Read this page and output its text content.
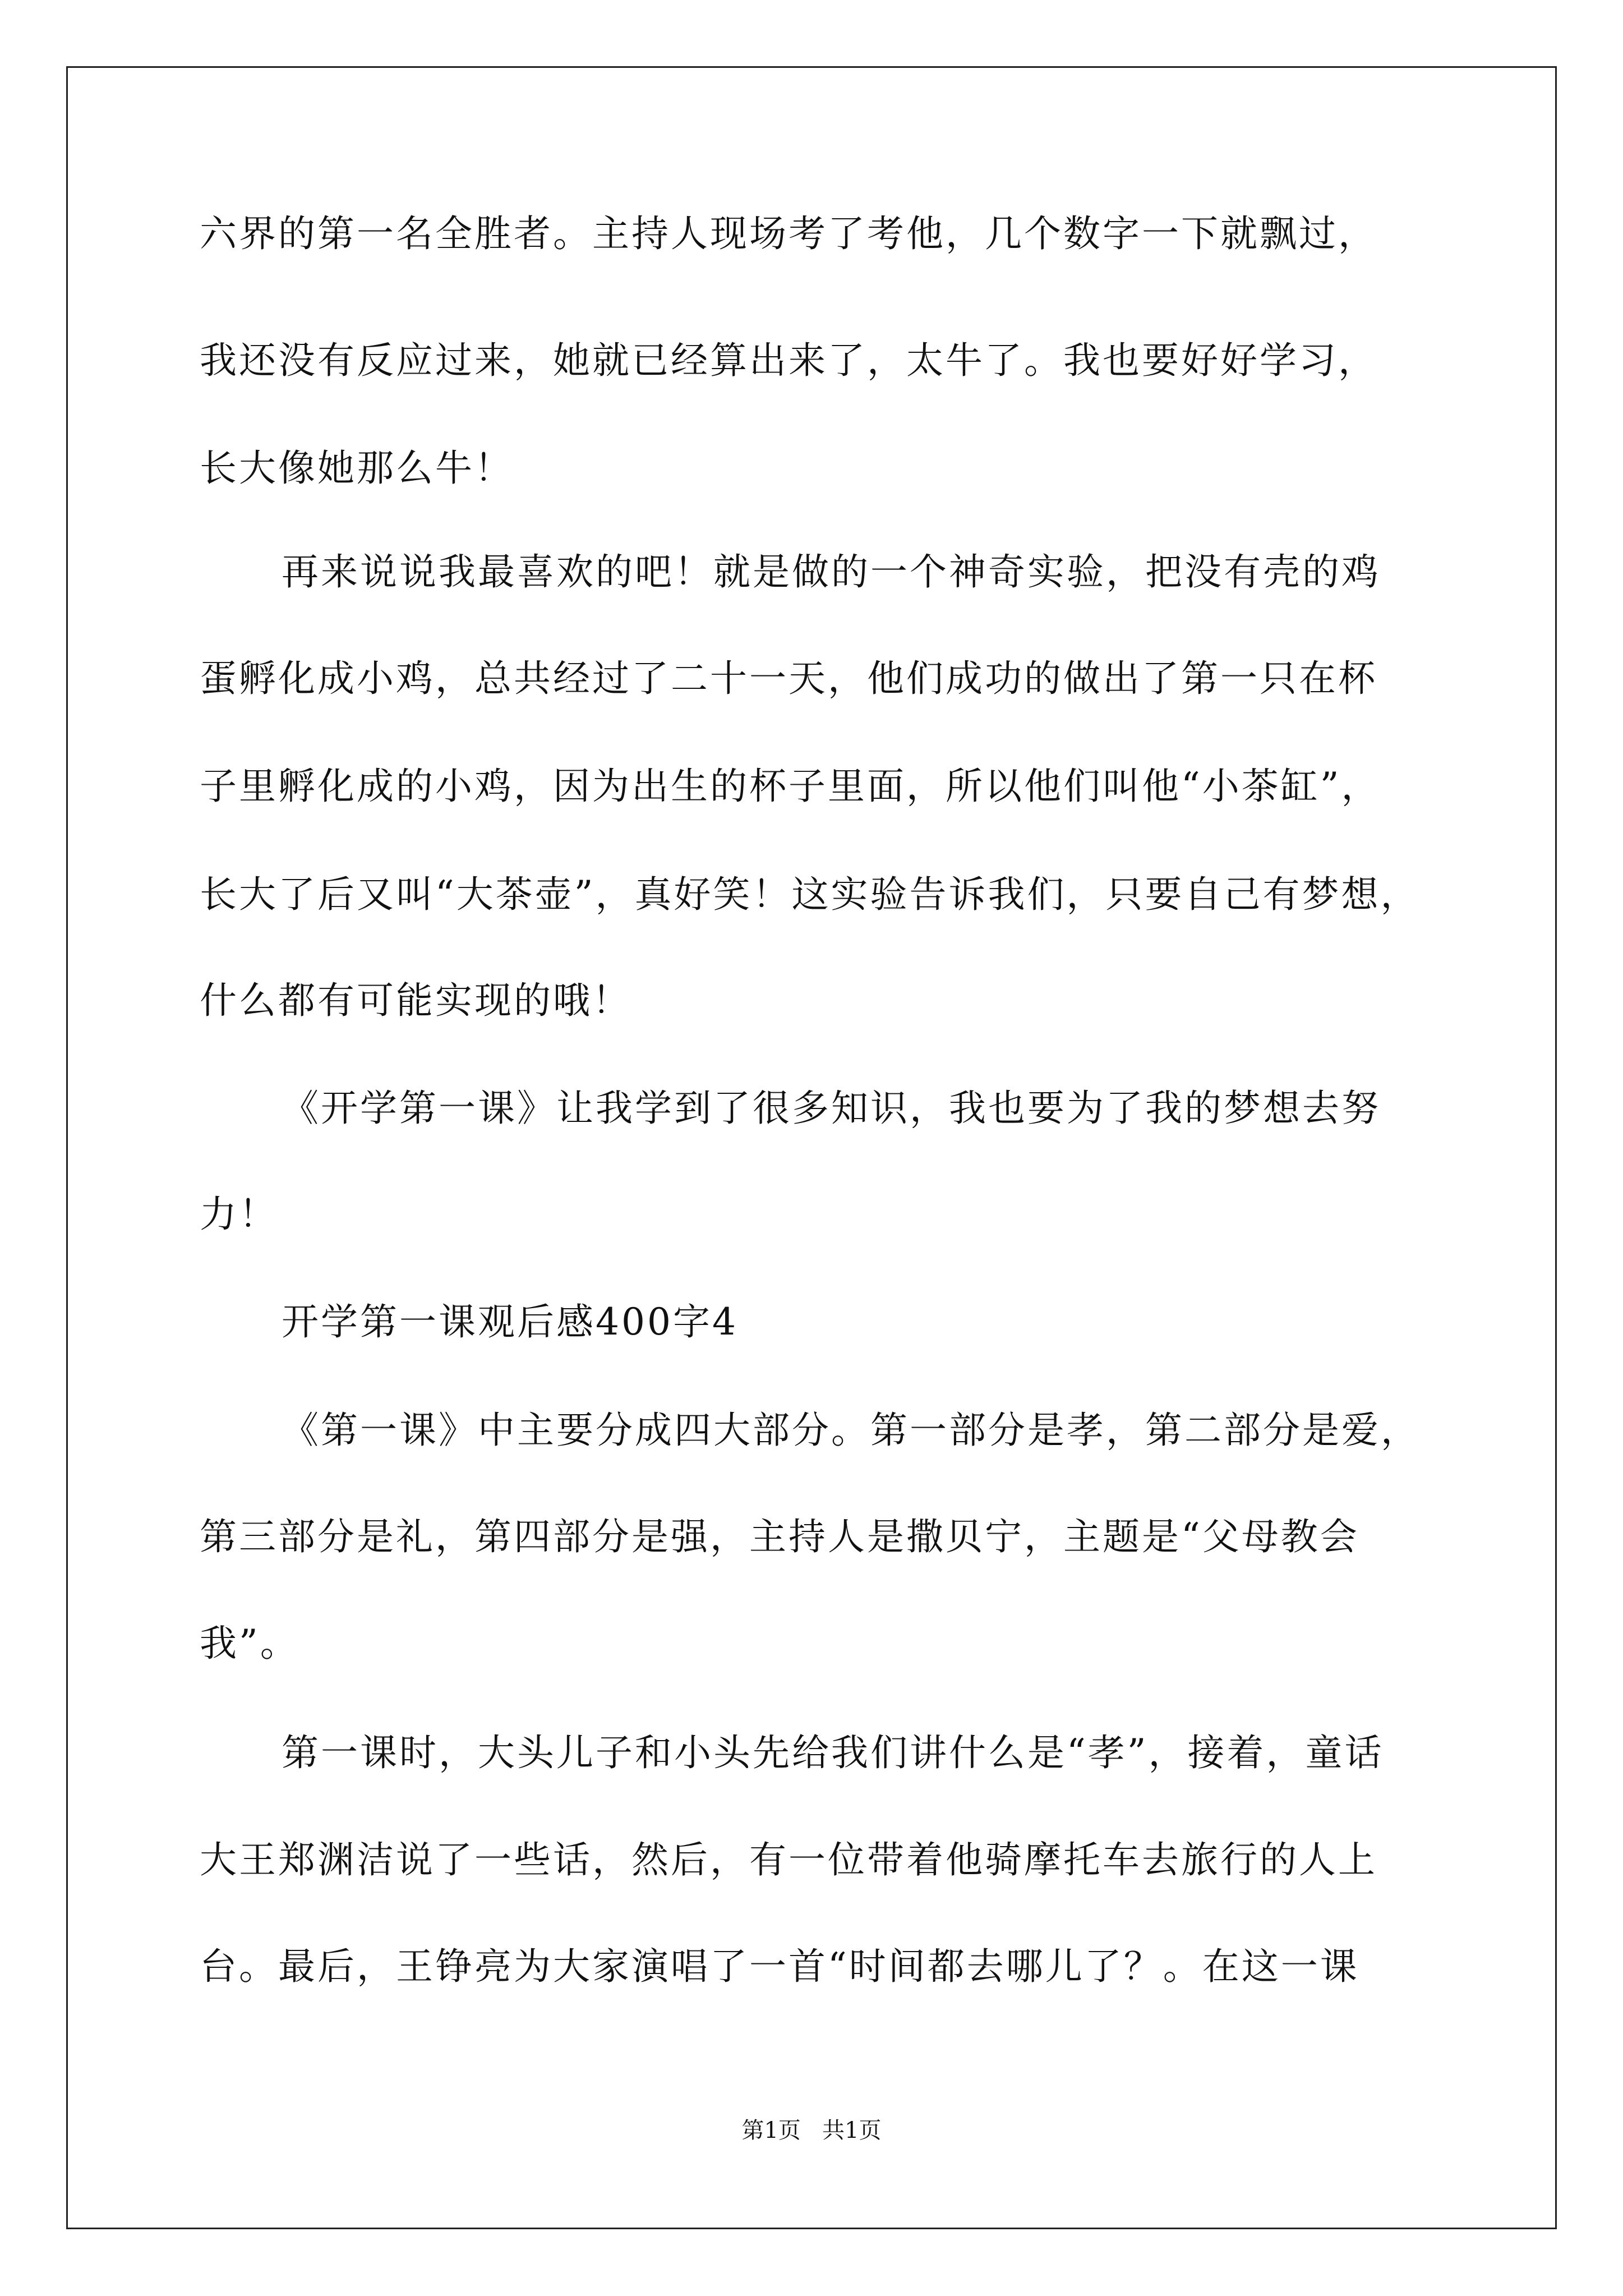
六界的第一名全胜者。主持人现场考了考他，几个数字一下就飘过，
我还没有反应过来，她就已经算出来了，太牛了。我也要好好学习，
长大像她那么牛！
再来说说我最喜欢的吧！就是做的一个神奇实验，把没有壳的鸡
蛋孵化成小鸡，总共经过了二十一天，他们成功的做出了第一只在杯
子里孵化成的小鸡，因为出生的杯子里面，所以他们叫他“小茶缸”，
长大了后又叫“大茶壶”，真好笑！这实验告诉我们，只要自己有梦想，
什么都有可能实现的哦！
《开学第一课》让我学到了很多知识，我也要为了我的梦想去努
力！
开学第一课观后感400字4
《第一课》中主要分成四大部分。第一部分是孝，第二部分是爱，
第三部分是礼，第四部分是强，主持人是撒贝宁，主题是“父母教会
我”。
第一课时，大头儿子和小头先给我们讲什么是“孝”，接着，童话
大王郑渊洁说了一些话，然后，有一位带着他骑摩托车去旅行的人上
台。最后，王铮亮为大家演唱了一首“时间都去哪儿了？。在这一课
第1页   共1页
